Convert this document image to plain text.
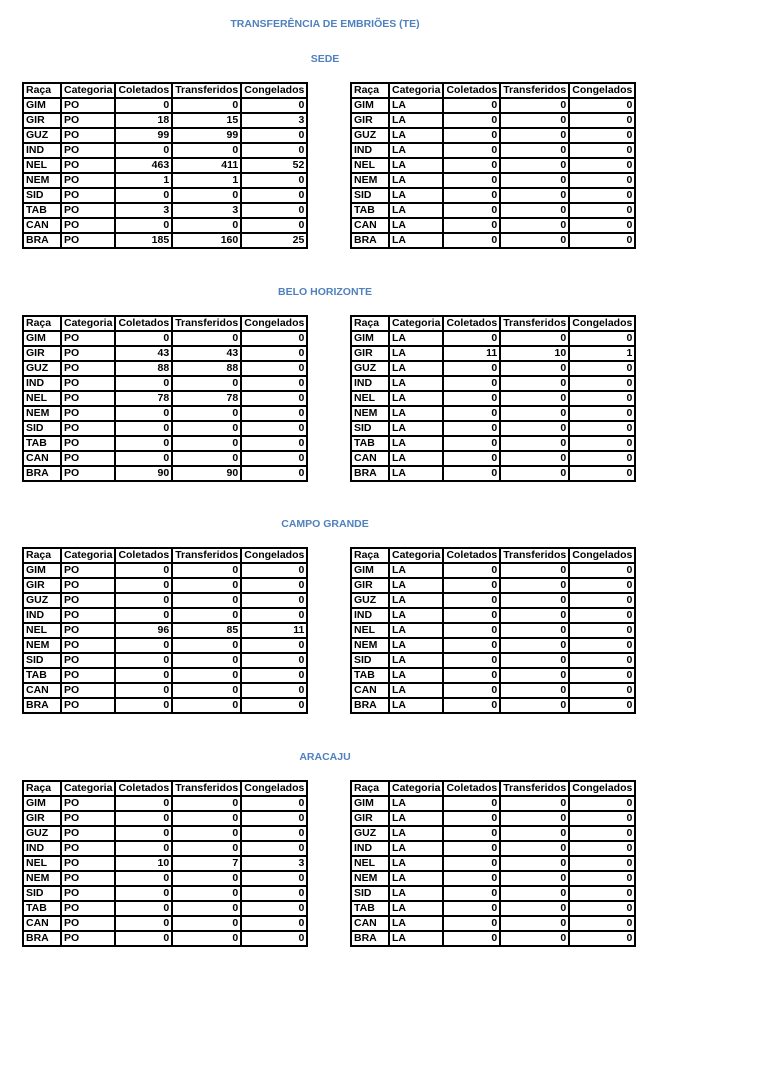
TRANSFERÊNCIA DE EMBRIÕES (TE)
SEDE
Raça	Categoria	Coletados	Transferidos	Congelados
GIM	PO	0	0	0
GIR	PO	18	15	3
GUZ	PO	99	99	0
IND	PO	0	0	0
NEL	PO	463	411	52
NEM	PO	1	1	0
SID	PO	0	0	0
TAB	PO	3	3	0
CAN	PO	0	0	0
BRA	PO	185	160	25
Raça	Categoria	Coletados	Transferidos	Congelados
GIM	LA	0	0	0
GIR	LA	0	0	0
GUZ	LA	0	0	0
IND	LA	0	0	0
NEL	LA	0	0	0
NEM	LA	0	0	0
SID	LA	0	0	0
TAB	LA	0	0	0
CAN	LA	0	0	0
BRA	LA	0	0	0
BELO HORIZONTE
Raça	Categoria	Coletados	Transferidos	Congelados
GIM	PO	0	0	0
GIR	PO	43	43	0
GUZ	PO	88	88	0
IND	PO	0	0	0
NEL	PO	78	78	0
NEM	PO	0	0	0
SID	PO	0	0	0
TAB	PO	0	0	0
CAN	PO	0	0	0
BRA	PO	90	90	0
Raça	Categoria	Coletados	Transferidos	Congelados
GIM	LA	0	0	0
GIR	LA	11	10	1
GUZ	LA	0	0	0
IND	LA	0	0	0
NEL	LA	0	0	0
NEM	LA	0	0	0
SID	LA	0	0	0
TAB	LA	0	0	0
CAN	LA	0	0	0
BRA	LA	0	0	0
CAMPO GRANDE
Raça	Categoria	Coletados	Transferidos	Congelados
GIM	PO	0	0	0
GIR	PO	0	0	0
GUZ	PO	0	0	0
IND	PO	0	0	0
NEL	PO	96	85	11
NEM	PO	0	0	0
SID	PO	0	0	0
TAB	PO	0	0	0
CAN	PO	0	0	0
BRA	PO	0	0	0
Raça	Categoria	Coletados	Transferidos	Congelados
GIM	LA	0	0	0
GIR	LA	0	0	0
GUZ	LA	0	0	0
IND	LA	0	0	0
NEL	LA	0	0	0
NEM	LA	0	0	0
SID	LA	0	0	0
TAB	LA	0	0	0
CAN	LA	0	0	0
BRA	LA	0	0	0
ARACAJU
Raça	Categoria	Coletados	Transferidos	Congelados
GIM	PO	0	0	0
GIR	PO	0	0	0
GUZ	PO	0	0	0
IND	PO	0	0	0
NEL	PO	10	7	3
NEM	PO	0	0	0
SID	PO	0	0	0
TAB	PO	0	0	0
CAN	PO	0	0	0
BRA	PO	0	0	0
Raça	Categoria	Coletados	Transferidos	Congelados
GIM	LA	0	0	0
GIR	LA	0	0	0
GUZ	LA	0	0	0
IND	LA	0	0	0
NEL	LA	0	0	0
NEM	LA	0	0	0
SID	LA	0	0	0
TAB	LA	0	0	0
CAN	LA	0	0	0
BRA	LA	0	0	0
